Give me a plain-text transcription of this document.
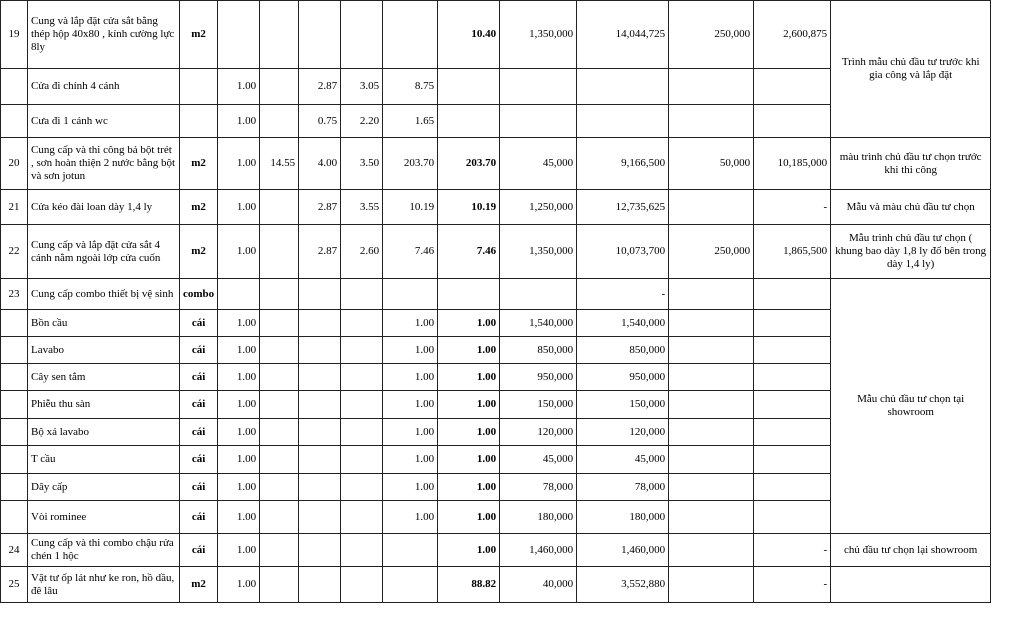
19	Cung và lắp đặt cửa sắt bằng thép hộp 40x80 , kính cường lực 8ly	m2						10.40	1,350,000	14,044,725	250,000	2,600,875	Trình mẫu chủ đầu tư trước khi gia công và lắp đặt
	Cửa đi chính 4 cánh		1.00		2.87	3.05	8.75						
	Cưa đi 1 cánh wc		1.00		0.75	2.20	1.65						
20	Cung cấp và thi công bả bột trét , sơn hoàn thiện 2 nước bằng bột và sơn jotun	m2	1.00	14.55	4.00	3.50	203.70	203.70	45,000	9,166,500	50,000	10,185,000	màu trình chủ đầu tư chọn trước khi thi công
21	Cửa kéo đài loan dày 1,4 ly	m2	1.00		2.87	3.55	10.19	10.19	1,250,000	12,735,625		-	Mẫu và màu chủ đầu tư chọn
22	Cung cấp và lắp đặt cửa sắt 4 cánh nằm ngoài lớp cửa cuốn	m2	1.00		2.87	2.60	7.46	7.46	1,350,000	10,073,700	250,000	1,865,500	Mẫu trình chủ đầu tư chọn ( khung bao dày 1,8 ly đố bên trong dày 1,4 ly)
23	Cung cấp combo thiết bị vệ sinh	combo								-			Mẫu chủ đầu tư chọn tại showroom
	Bồn cầu	cái	1.00				1.00	1.00	1,540,000	1,540,000			
	Lavabo	cái	1.00				1.00	1.00	850,000	850,000			
	Cây sen tắm	cái	1.00				1.00	1.00	950,000	950,000			
	Phiễu thu sàn	cái	1.00				1.00	1.00	150,000	150,000			
	Bộ xả lavabo	cái	1.00				1.00	1.00	120,000	120,000			
	T cầu	cái	1.00				1.00	1.00	45,000	45,000			
	Dây cấp	cái	1.00				1.00	1.00	78,000	78,000			
	Vòi rominee	cái	1.00				1.00	1.00	180,000	180,000			
24	Cung cấp và thi combo chậu rửa chén 1 hộc	cái	1.00					1.00	1,460,000	1,460,000		-	chủ đầu tư chọn lại showroom
25	Vật tư ốp lát như ke ron, hồ dầu, đê lâu	m2	1.00					88.82	40,000	3,552,880		-	
